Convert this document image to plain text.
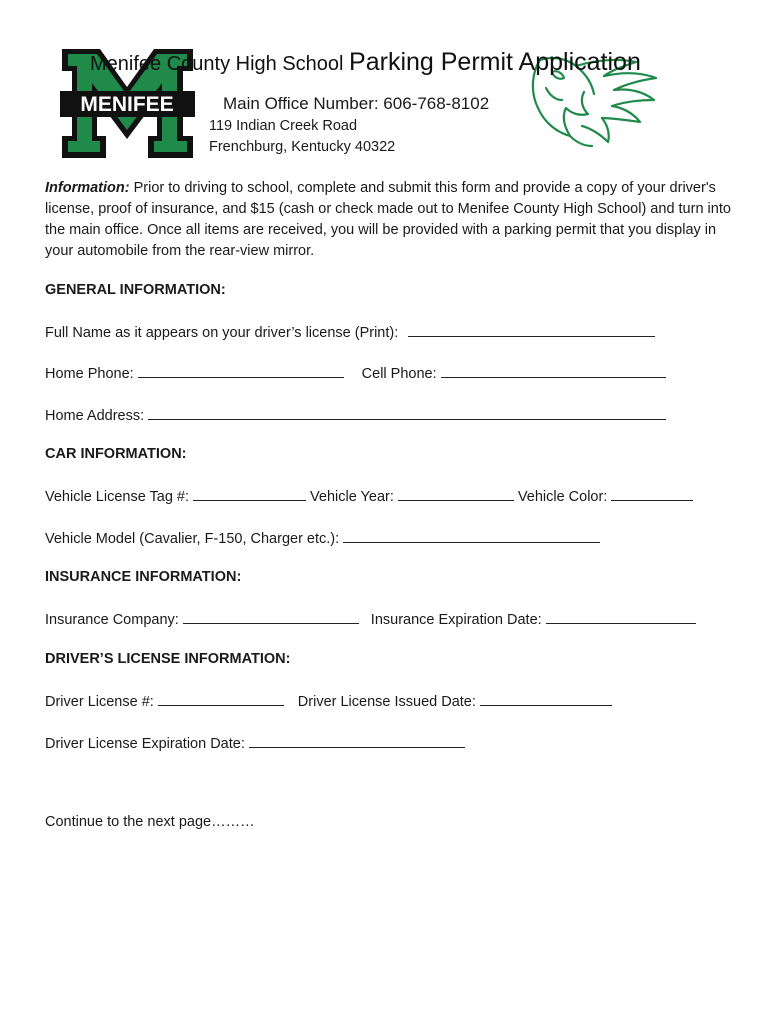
MENIFEE
Menifee County High School Parking Permit Application
Main Office Number: 606-768-8102
119 Indian Creek Road
Frenchburg, Kentucky 40322
Information: Prior to driving to school, complete and submit this form and provide a copy of your driver's license, proof of insurance, and $15 (cash or check made out to Menifee County High School) and turn into the main office. Once all items are received, you will be provided with a parking permit that you display in your automobile from the rear-view mirror.
GENERAL INFORMATION:
Full Name as it appears on your driver’s license (Print):
Home Phone:	Cell Phone:
Home Address:
CAR INFORMATION:
Vehicle License Tag #:	Vehicle Year:	Vehicle Color:
Vehicle Model (Cavalier, F-150, Charger etc.):
INSURANCE INFORMATION:
Insurance Company:	Insurance Expiration Date:
DRIVER’S LICENSE INFORMATION:
Driver License #:	Driver License Issued Date:
Driver License Expiration Date:
Continue to the next page………
